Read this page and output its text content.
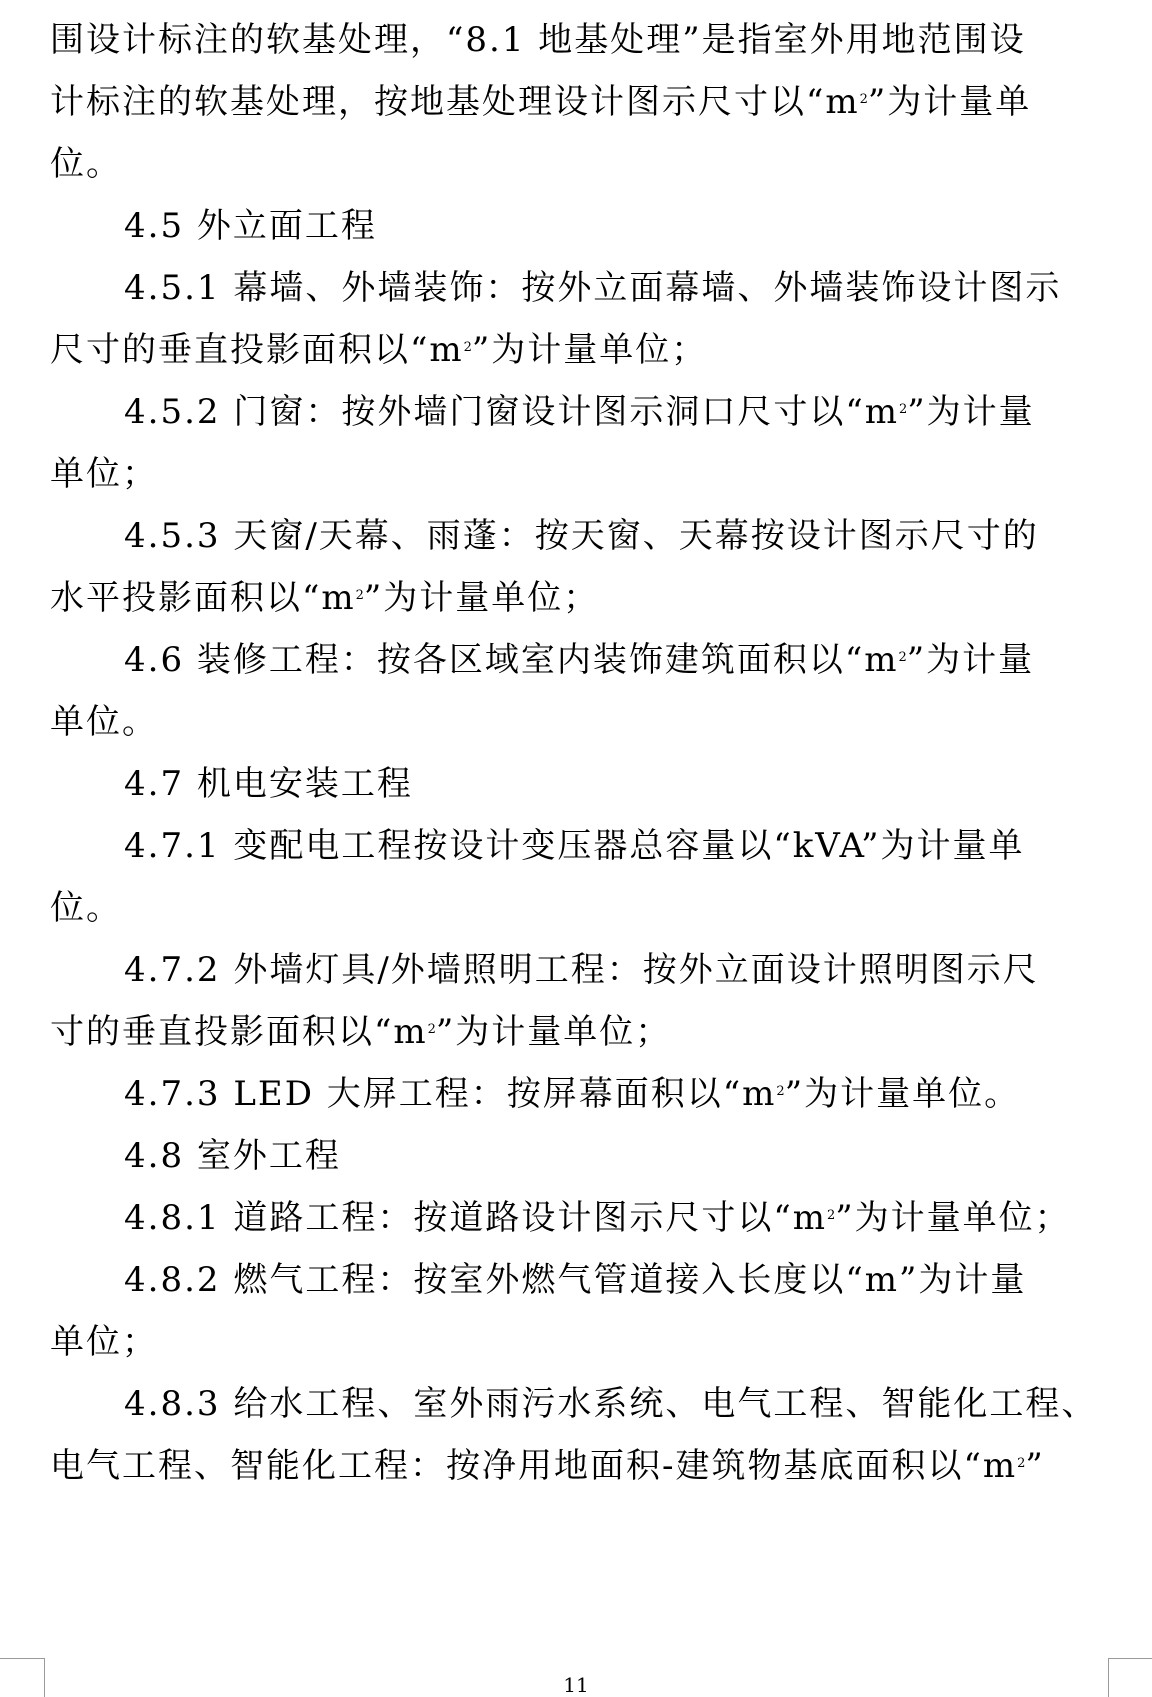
围设计标注的软基处理，“8.1 地基处理”是指室外用地范围设
计标注的软基处理，按地基处理设计图示尺寸以“$m^2$”为计量单
位。
4.5 外立面工程
4.5.1 幕墙、外墙装饰：按外立面幕墙、外墙装饰设计图示
尺寸的垂直投影面积以“$m^2$”为计量单位；
4.5.2 门窗：按外墙门窗设计图示洞口尺寸以“$m^2$”为计量
单位；
4.5.3 天窗/天幕、雨蓬：按天窗、天幕按设计图示尺寸的
水平投影面积以“$m^2$”为计量单位；
4.6 装修工程：按各区域室内装饰建筑面积以“$m^2$”为计量
单位。
4.7 机电安装工程
4.7.1 变配电工程按设计变压器总容量以“kVA”为计量单
位。
4.7.2 外墙灯具/外墙照明工程：按外立面设计照明图示尺
寸的垂直投影面积以“$m^2$”为计量单位；
4.7.3 LED 大屏工程：按屏幕面积以“$m^2$”为计量单位。
4.8 室外工程
4.8.1 道路工程：按道路设计图示尺寸以“$m^2$”为计量单位；
4.8.2 燃气工程：按室外燃气管道接入长度以“m”为计量
单位；
4.8.3 给水工程、室外雨污水系统、电气工程、智能化工程、
电气工程、智能化工程：按净用地面积-建筑物基底面积以“$m^2$”
11
